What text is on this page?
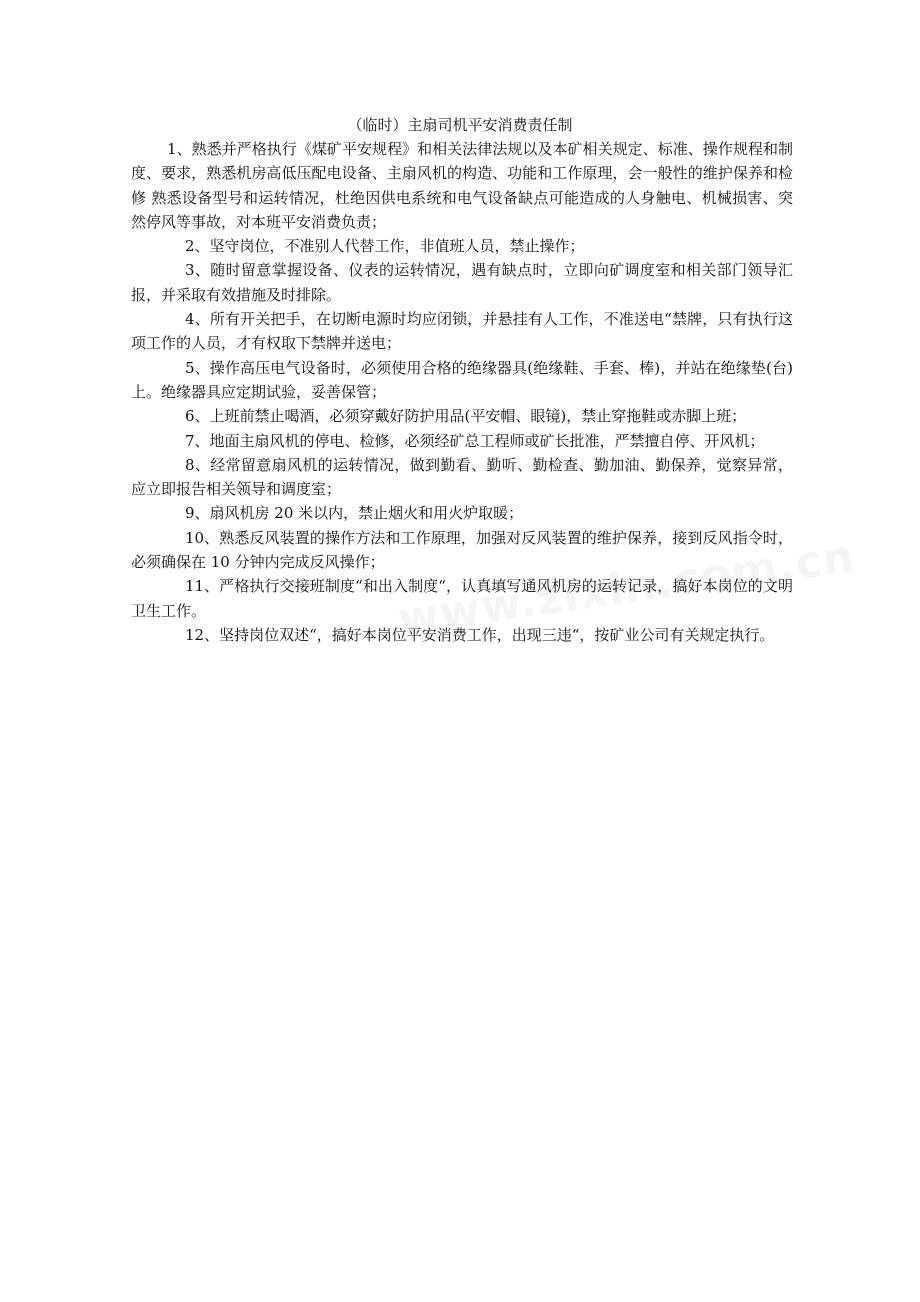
（临时）主扇司机平安消费责任制

1、熟悉并严格执行《煤矿平安规程》和相关法律法规以及本矿相关规定、标准、操作规程和制度、要求，熟悉机房高低压配电设备、主扇风机的构造、功能和工作原理，会一般性的维护保养和检修 熟悉设备型号和运转情况，杜绝因供电系统和电气设备缺点可能造成的人身触电、机械损害、突然停风等事故，对本班平安消费负责；

2、坚守岗位，不准别人代替工作，非值班人员，禁止操作；

3、随时留意掌握设备、仪表的运转情况，遇有缺点时，立即向矿调度室和相关部门领导汇报，并采取有效措施及时排除。

4、所有开关把手，在切断电源时均应闭锁，并悬挂有人工作，不准送电“禁牌，只有执行这项工作的人员，才有权取下禁牌并送电；

5、操作高压电气设备时，必须使用合格的绝缘器具(绝缘鞋、手套、棒)，并站在绝缘垫(台)上。绝缘器具应定期试验，妥善保管；

6、上班前禁止喝酒，必须穿戴好防护用品(平安帽、眼镜)，禁止穿拖鞋或赤脚上班；

7、地面主扇风机的停电、检修，必须经矿总工程师或矿长批准，严禁擅自停、开风机；

8、经常留意扇风机的运转情况，做到勤看、勤听、勤检查、勤加油、勤保养，觉察异常，应立即报告相关领导和调度室；

9、扇风机房 20 米以内，禁止烟火和用火炉取暖；

10、熟悉反风装置的操作方法和工作原理，加强对反风装置的维护保养，接到反风指令时，必须确保在 10 分钟内完成反风操作；

11、严格执行交接班制度“和出入制度“，认真填写通风机房的运转记录，搞好本岗位的文明卫生工作。

12、坚持岗位双述“，搞好本岗位平安消费工作，出现三违“，按矿业公司有关规定执行。
